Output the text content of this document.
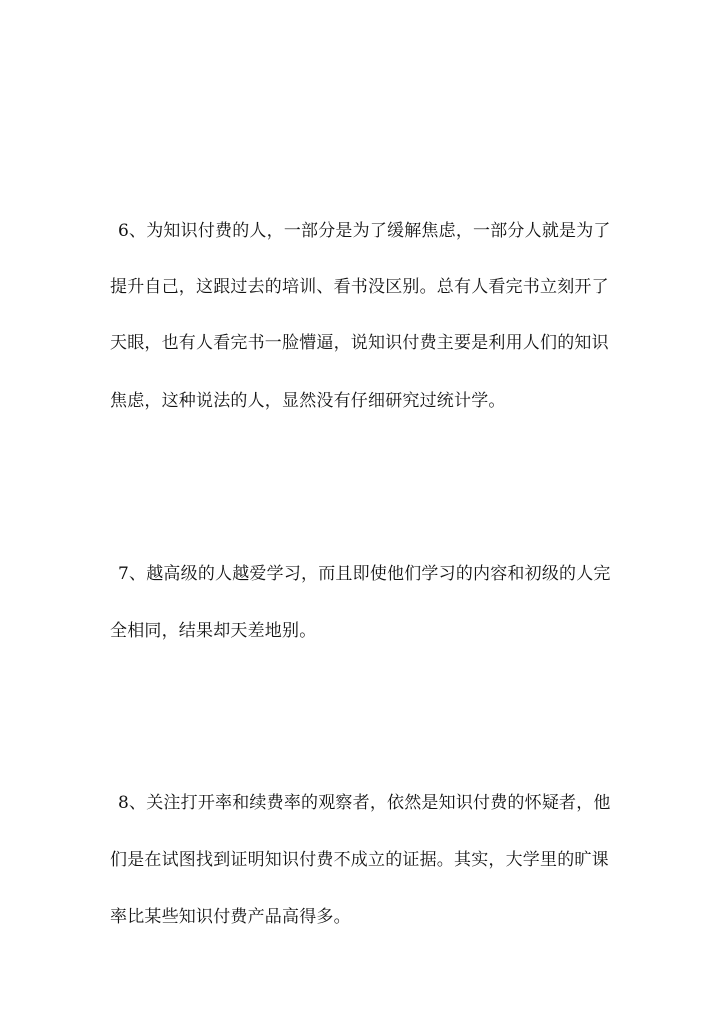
6、为知识付费的人，一部分是为了缓解焦虑，一部分人就是为了
提升自己，这跟过去的培训、看书没区别。总有人看完书立刻开了
天眼，也有人看完书一脸懵逼，说知识付费主要是利用人们的知识
焦虑，这种说法的人，显然没有仔细研究过统计学。
7、越高级的人越爱学习，而且即使他们学习的内容和初级的人完
全相同，结果却天差地别。
8、关注打开率和续费率的观察者，依然是知识付费的怀疑者，他
们是在试图找到证明知识付费不成立的证据。其实，大学里的旷课
率比某些知识付费产品高得多。
